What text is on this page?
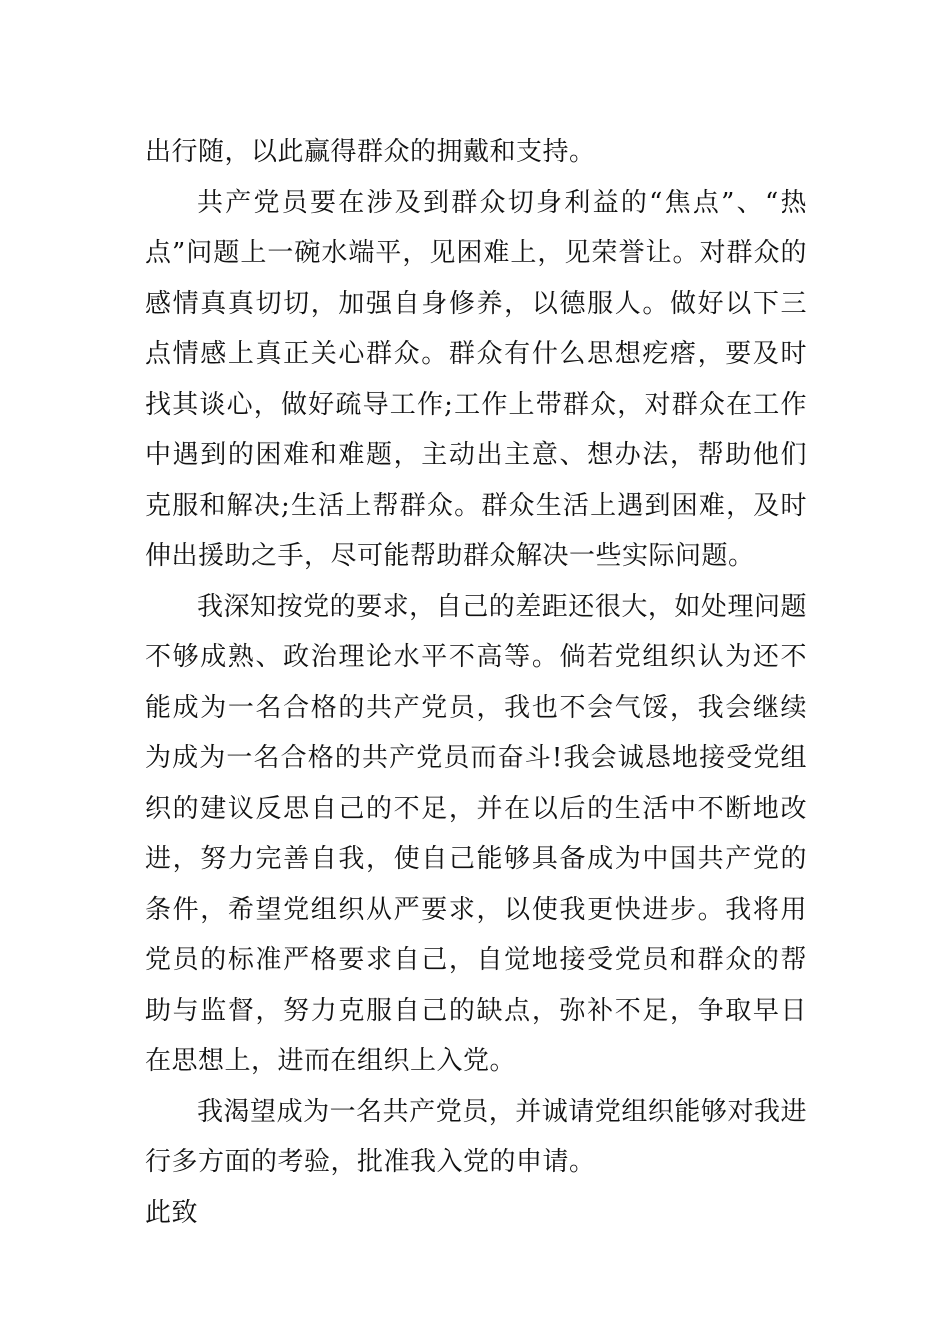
出行随，以此赢得群众的拥戴和支持。

共产党员要在涉及到群众切身利益的“焦点”、“热点”问题上一碗水端平，见困难上，见荣誉让。对群众的感情真真切切，加强自身修养，以德服人。做好以下三点情感上真正关心群众。群众有什么思想疙瘩，要及时找其谈心，做好疏导工作;工作上带群众，对群众在工作中遇到的困难和难题，主动出主意、想办法，帮助他们克服和解决;生活上帮群众。群众生活上遇到困难，及时伸出援助之手，尽可能帮助群众解决一些实际问题。

我深知按党的要求，自己的差距还很大，如处理问题不够成熟、政治理论水平不高等。倘若党组织认为还不能成为一名合格的共产党员，我也不会气馁，我会继续为成为一名合格的共产党员而奋斗!我会诚恳地接受党组织的建议反思自己的不足，并在以后的生活中不断地改进，努力完善自我，使自己能够具备成为中国共产党的条件，希望党组织从严要求，以使我更快进步。我将用党员的标准严格要求自己，自觉地接受党员和群众的帮助与监督，努力克服自己的缺点，弥补不足，争取早日在思想上，进而在组织上入党。

我渴望成为一名共产党员，并诚请党组织能够对我进行多方面的考验，批准我入党的申请。

此致
